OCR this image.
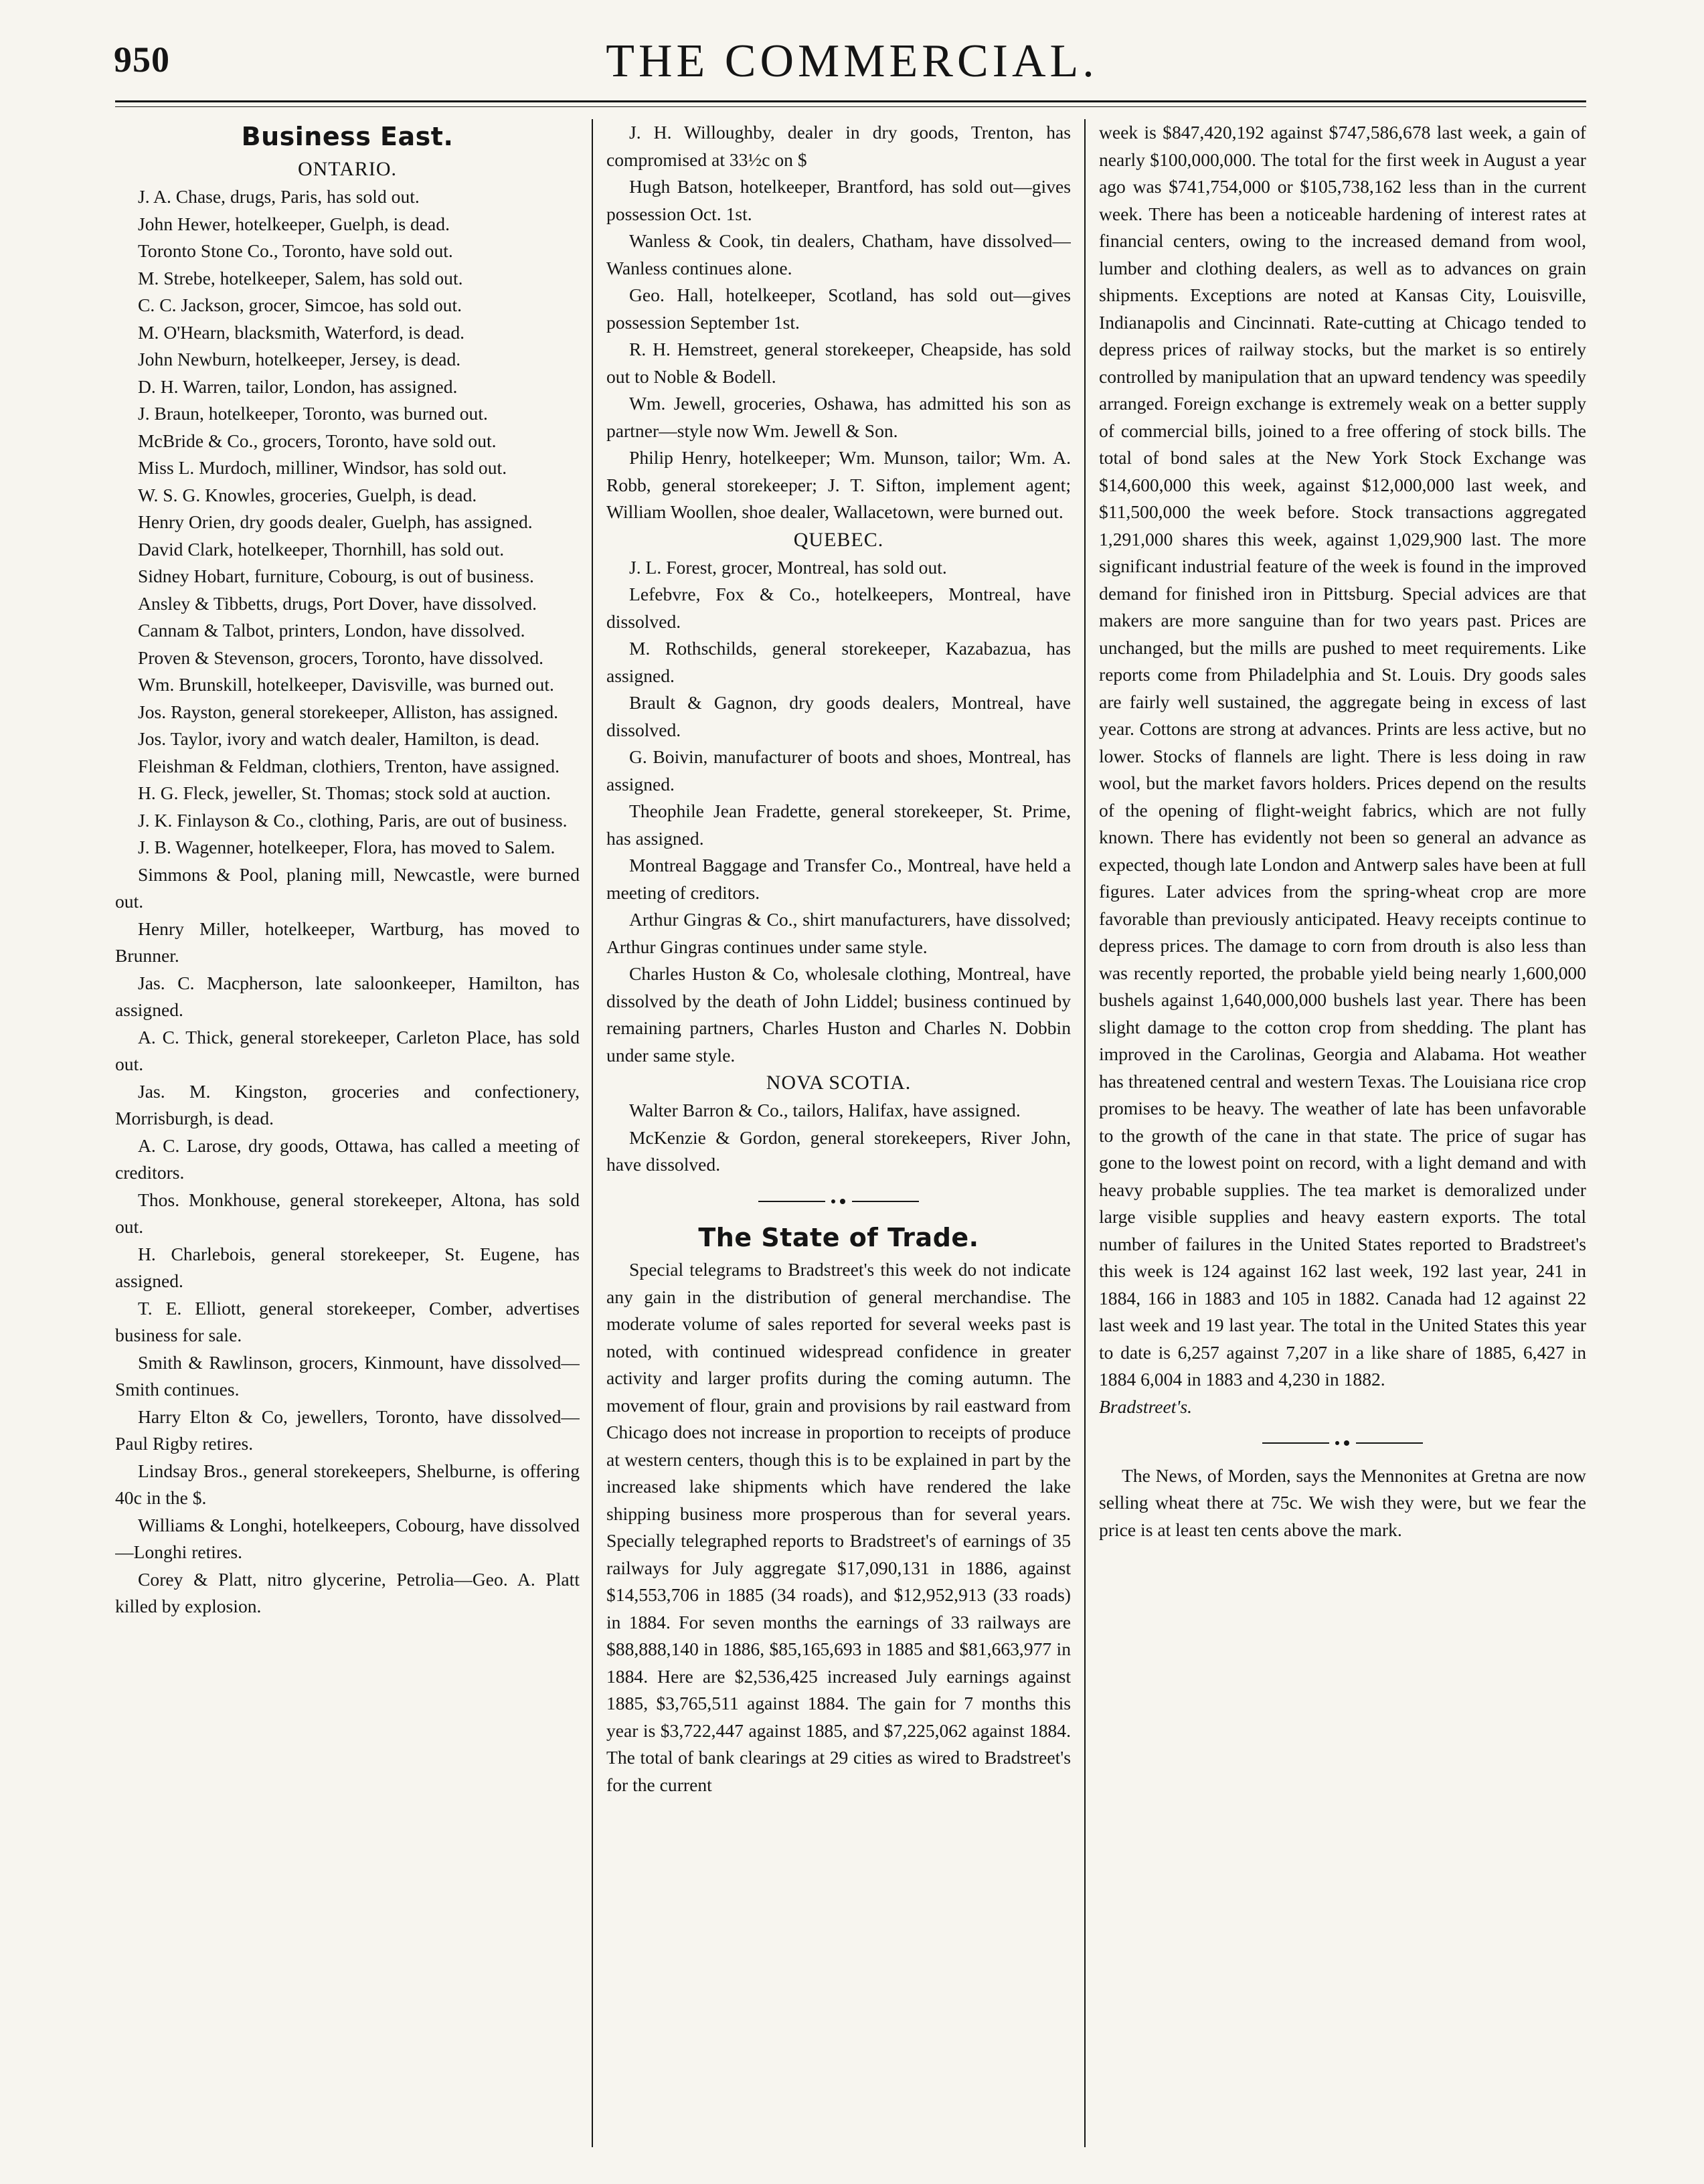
950	THE COMMERCIAL.
Business East.
ONTARIO.

J. A. Chase, drugs, Paris, has sold out.

John Hewer, hotelkeeper, Guelph, is dead.

Toronto Stone Co., Toronto, have sold out.

M. Strebe, hotelkeeper, Salem, has sold out.

C. C. Jackson, grocer, Simcoe, has sold out.

M. O'Hearn, blacksmith, Waterford, is dead.

John Newburn, hotelkeeper, Jersey, is dead.

D. H. Warren, tailor, London, has assigned.

J. Braun, hotelkeeper, Toronto, was burned out.

McBride & Co., grocers, Toronto, have sold out.

Miss L. Murdoch, milliner, Windsor, has sold out.

W. S. G. Knowles, groceries, Guelph, is dead.

Henry Orien, dry goods dealer, Guelph, has assigned.

David Clark, hotelkeeper, Thornhill, has sold out.

Sidney Hobart, furniture, Cobourg, is out of business.

Ansley & Tibbetts, drugs, Port Dover, have dissolved.

Cannam & Talbot, printers, London, have dissolved.

Proven & Stevenson, grocers, Toronto, have dissolved.

Wm. Brunskill, hotelkeeper, Davisville, was burned out.

Jos. Rayston, general storekeeper, Alliston, has assigned.

Jos. Taylor, ivory and watch dealer, Hamilton, is dead.

Fleishman & Feldman, clothiers, Trenton, have assigned.

H. G. Fleck, jeweller, St. Thomas; stock sold at auction.

J. K. Finlayson & Co., clothing, Paris, are out of business.

J. B. Wagenner, hotelkeeper, Flora, has moved to Salem.

Simmons & Pool, planing mill, Newcastle, were burned out.

Henry Miller, hotelkeeper, Wartburg, has moved to Brunner.

Jas. C. Macpherson, late saloonkeeper, Hamilton, has assigned.

A. C. Thick, general storekeeper, Carleton Place, has sold out.

Jas. M. Kingston, groceries and confectionery, Morrisburgh, is dead.

A. C. Larose, dry goods, Ottawa, has called a meeting of creditors.

Thos. Monkhouse, general storekeeper, Altona, has sold out.

H. Charlebois, general storekeeper, St. Eugene, has assigned.

T. E. Elliott, general storekeeper, Comber, advertises business for sale.

Smith & Rawlinson, grocers, Kinmount, have dissolved—Smith continues.

Harry Elton & Co, jewellers, Toronto, have dissolved—Paul Rigby retires.

Lindsay Bros., general storekeepers, Shelburne, is offering 40c in the $.

Williams & Longhi, hotelkeepers, Cobourg, have dissolved—Longhi retires.

Corey & Platt, nitro glycerine, Petrolia—Geo. A. Platt killed by explosion.

J. H. Willoughby, dealer in dry goods, Trenton, has compromised at 33½c on $

Hugh Batson, hotelkeeper, Brantford, has sold out—gives possession Oct. 1st.

Wanless & Cook, tin dealers, Chatham, have dissolved—Wanless continues alone.

Geo. Hall, hotelkeeper, Scotland, has sold out—gives possession September 1st.

R. H. Hemstreet, general storekeeper, Cheapside, has sold out to Noble & Bodell.

Wm. Jewell, groceries, Oshawa, has admitted his son as partner—style now Wm. Jewell & Son.

Philip Henry, hotelkeeper; Wm. Munson, tailor; Wm. A. Robb, general storekeeper; J. T. Sifton, implement agent; William Woollen, shoe dealer, Wallacetown, were burned out.

QUEBEC.

J. L. Forest, grocer, Montreal, has sold out.

Lefebvre, Fox & Co., hotelkeepers, Montreal, have dissolved.

M. Rothschilds, general storekeeper, Kazabazua, has assigned.

Brault & Gagnon, dry goods dealers, Montreal, have dissolved.

G. Boivin, manufacturer of boots and shoes, Montreal, has assigned.

Theophile Jean Fradette, general storekeeper, St. Prime, has assigned.

Montreal Baggage and Transfer Co., Montreal, have held a meeting of creditors.

Arthur Gingras & Co., shirt manufacturers, have dissolved; Arthur Gingras continues under same style.

Charles Huston & Co, wholesale clothing, Montreal, have dissolved by the death of John Liddel; business continued by remaining partners, Charles Huston and Charles N. Dobbin under same style.

NOVA SCOTIA.

Walter Barron & Co., tailors, Halifax, have assigned.

McKenzie & Gordon, general storekeepers, River John, have dissolved.

The State of Trade.

Special telegrams to Bradstreet's this week do not indicate any gain in the distribution of general merchandise. The moderate volume of sales reported for several weeks past is noted, with continued widespread confidence in greater activity and larger profits during the coming autumn. The movement of flour, grain and provisions by rail eastward from Chicago does not increase in proportion to receipts of produce at western centers, though this is to be explained in part by the increased lake shipments which have rendered the lake shipping business more prosperous than for several years. Specially telegraphed reports to Bradstreet's of earnings of 35 railways for July aggregate $17,090,131 in 1886, against $14,553,706 in 1885 (34 roads), and $12,952,913 (33 roads) in 1884. For seven months the earnings of 33 railways are $88,888,140 in 1886, $85,165,693 in 1885 and $81,663,977 in 1884. Here are $2,536,425 increased July earnings against 1885, $3,765,511 against 1884. The gain for 7 months this year is $3,722,447 against 1885, and $7,225,062 against 1884. The total of bank clearings at 29 cities as wired to Bradstreet's for the current

week is $847,420,192 against $747,586,678 last week, a gain of nearly $100,000,000. The total for the first week in August a year ago was $741,754,000 or $105,738,162 less than in the current week. There has been a noticeable hardening of interest rates at financial centers, owing to the increased demand from wool, lumber and clothing dealers, as well as to advances on grain shipments. Exceptions are noted at Kansas City, Louisville, Indianapolis and Cincinnati. Rate-cutting at Chicago tended to depress prices of railway stocks, but the market is so entirely controlled by manipulation that an upward tendency was speedily arranged. Foreign exchange is extremely weak on a better supply of commercial bills, joined to a free offering of stock bills. The total of bond sales at the New York Stock Exchange was $14,600,000 this week, against $12,000,000 last week, and $11,500,000 the week before. Stock transactions aggregated 1,291,000 shares this week, against 1,029,900 last. The more significant industrial feature of the week is found in the improved demand for finished iron in Pittsburg. Special advices are that makers are more sanguine than for two years past. Prices are unchanged, but the mills are pushed to meet requirements. Like reports come from Philadelphia and St. Louis. Dry goods sales are fairly well sustained, the aggregate being in excess of last year. Cottons are strong at advances. Prints are less active, but no lower. Stocks of flannels are light. There is less doing in raw wool, but the market favors holders. Prices depend on the results of the opening of flight-weight fabrics, which are not fully known. There has evidently not been so general an advance as expected, though late London and Antwerp sales have been at full figures. Later advices from the spring-wheat crop are more favorable than previously anticipated. Heavy receipts continue to depress prices. The damage to corn from drouth is also less than was recently reported, the probable yield being nearly 1,600,000 bushels against 1,640,000,000 bushels last year. There has been slight damage to the cotton crop from shedding. The plant has improved in the Carolinas, Georgia and Alabama. Hot weather has threatened central and western Texas. The Louisiana rice crop promises to be heavy. The weather of late has been unfavorable to the growth of the cane in that state. The price of sugar has gone to the lowest point on record, with a light demand and with heavy probable supplies. The tea market is demoralized under large visible supplies and heavy eastern exports. The total number of failures in the United States reported to Bradstreet's this week is 124 against 162 last week, 192 last year, 241 in 1884, 166 in 1883 and 105 in 1882. Canada had 12 against 22 last week and 19 last year. The total in the United States this year to date is 6,257 against 7,207 in a like share of 1885, 6,427 in 1884 6,004 in 1883 and 4,230 in 1882.

Bradstreet's.

The News, of Morden, says the Mennonites at Gretna are now selling wheat there at 75c. We wish they were, but we fear the price is at least ten cents above the mark.
